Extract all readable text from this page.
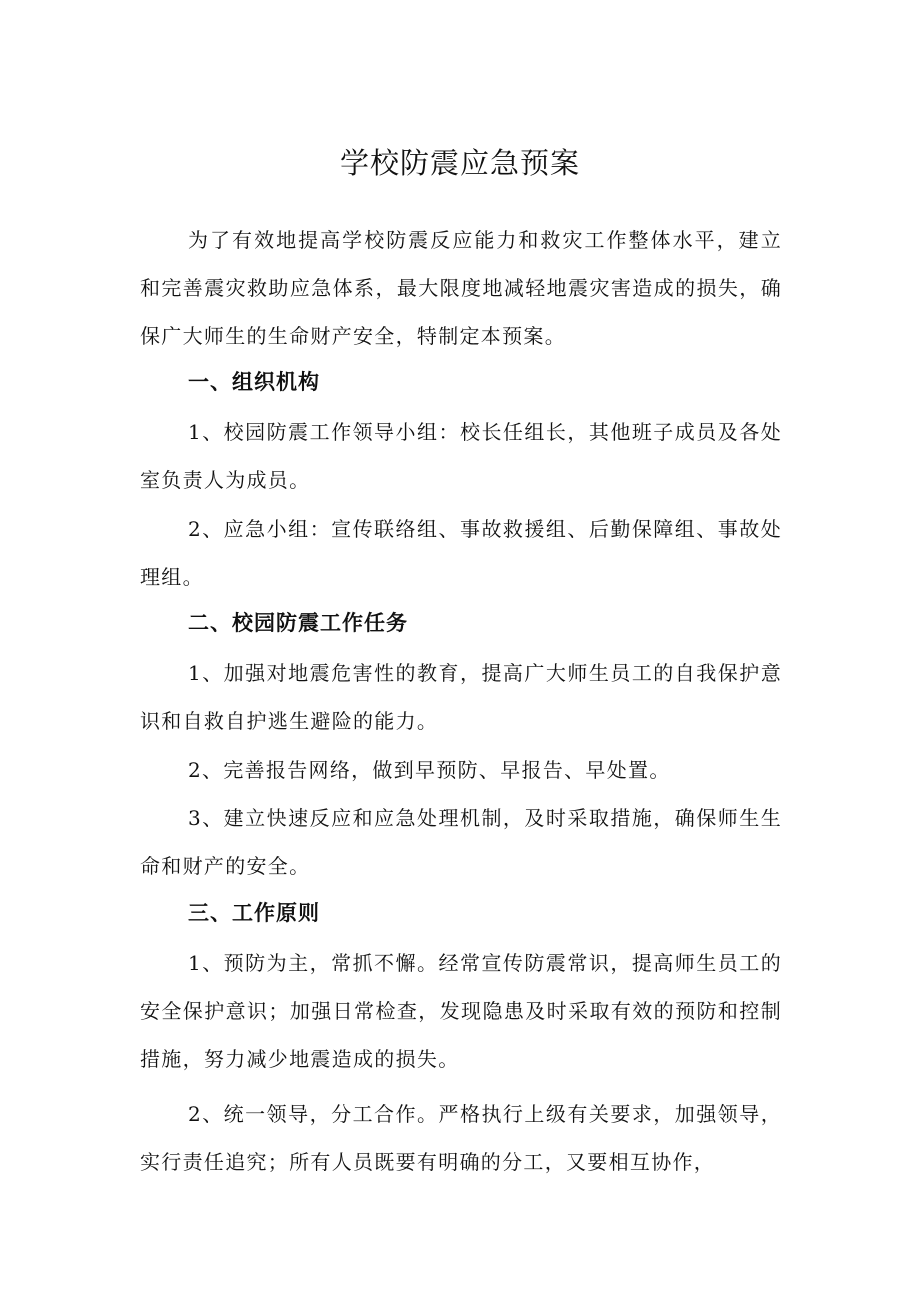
学校防震应急预案

为了有效地提高学校防震反应能力和救灾工作整体水平，建立和完善震灾救助应急体系，最大限度地减轻地震灾害造成的损失，确保广大师生的生命财产安全，特制定本预案。

一、组织机构

1、校园防震工作领导小组：校长任组长，其他班子成员及各处室负责人为成员。

2、应急小组：宣传联络组、事故救援组、后勤保障组、事故处理组。

二、校园防震工作任务

1、加强对地震危害性的教育，提高广大师生员工的自我保护意识和自救自护逃生避险的能力。

2、完善报告网络，做到早预防、早报告、早处置。

3、建立快速反应和应急处理机制，及时采取措施，确保师生生命和财产的安全。

三、工作原则

1、预防为主，常抓不懈。经常宣传防震常识，提高师生员工的安全保护意识；加强日常检查，发现隐患及时采取有效的预防和控制措施，努力减少地震造成的损失。

2、统一领导，分工合作。严格执行上级有关要求，加强领导，实行责任追究；所有人员既要有明确的分工，又要相互协作，
